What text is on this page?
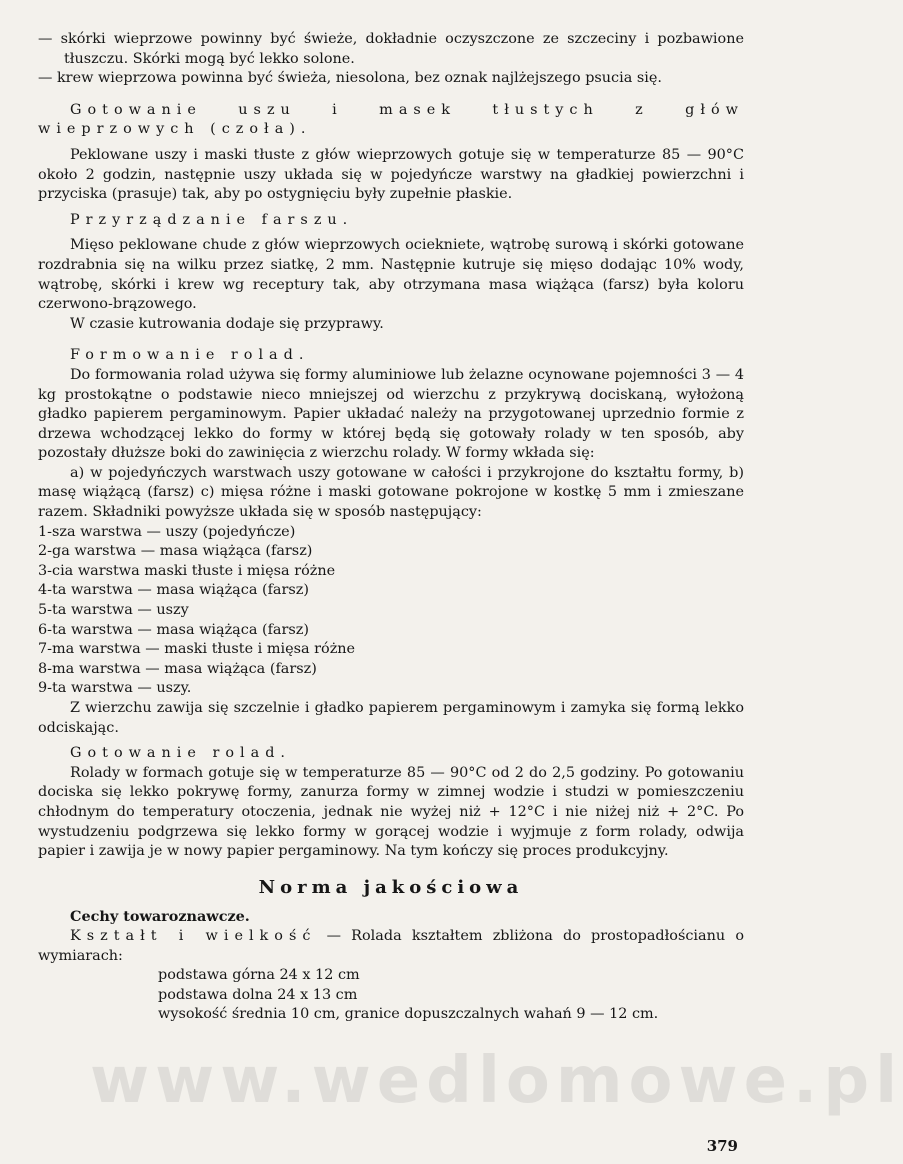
www.wedlomowe.pl

— skórki wieprzowe powinny być świeże, dokładnie oczyszczone ze szczeciny i pozbawione tłuszczu. Skórki mogą być lekko solone.

— krew wieprzowa powinna być świeża, niesolona, bez oznak najlżejszego psucia się.

Gotowanie uszu i masek tłustych z głów wieprzowych (czoła).

Peklowane uszy i maski tłuste z głów wieprzowych gotuje się w temperaturze 85 — 90°C około 2 godzin, następnie uszy układa się w pojedyńcze warstwy na gładkiej powierzchni i przyciska (prasuje) tak, aby po ostygnięciu były zupełnie płaskie.

Przyrządzanie farszu.

Mięso peklowane chude z głów wieprzowych ociekniete, wątrobę surową i skórki gotowane rozdrabnia się na wilku przez siatkę, 2 mm. Następnie kutruje się mięso dodając 10% wody, wątrobę, skórki i krew wg receptury tak, aby otrzymana masa wiążąca (farsz) była koloru czerwono-brązowego.

W czasie kutrowania dodaje się przyprawy.

Formowanie rolad.

Do formowania rolad używa się formy aluminiowe lub żelazne ocynowane pojemności 3 — 4 kg prostokątne o podstawie nieco mniejszej od wierzchu z przykrywą dociskaną, wyłożoną gładko papierem pergaminowym. Papier układać należy na przygotowanej uprzednio formie z drzewa wchodzącej lekko do formy w której będą się gotowały rolady w ten sposób, aby pozostały dłuższe boki do zawinięcia z wierzchu rolady. W formy wkłada się:

a) w pojedyńczych warstwach uszy gotowane w całości i przykrojone do kształtu formy, b) masę wiążącą (farsz) c) mięsa różne i maski gotowane pokrojone w kostkę 5 mm i zmieszane razem. Składniki powyższe układa się w sposób następujący:

1-sza warstwa — uszy (pojedyńcze)

2-ga warstwa — masa wiążąca (farsz)

3-cia warstwa maski tłuste i mięsa różne

4-ta warstwa — masa wiążąca (farsz)

5-ta warstwa — uszy

6-ta warstwa — masa wiążąca (farsz)

7-ma warstwa — maski tłuste i mięsa różne

8-ma warstwa — masa wiążąca (farsz)

9-ta warstwa — uszy.

Z wierzchu zawija się szczelnie i gładko papierem pergaminowym i zamyka się formą lekko odciskając.

Gotowanie rolad.

Rolady w formach gotuje się w temperaturze 85 — 90°C od 2 do 2,5 godziny. Po gotowaniu dociska się lekko pokrywę formy, zanurza formy w zimnej wodzie i studzi w pomieszczeniu chłodnym do temperatury otoczenia, jednak nie wyżej niż + 12°C i nie niżej niż + 2°C. Po wystudzeniu podgrzewa się lekko formy w gorącej wodzie i wyjmuje z form rolady, odwija papier i zawija je w nowy papier pergaminowy. Na tym kończy się proces produkcyjny.

Norma jakościowa

Cechy towaroznawcze.

Kształt i wielkość — Rolada kształtem zbliżona do prostopadłościanu o wymiarach:

podstawa górna 24 x 12 cm

podstawa dolna 24 x 13 cm

wysokość średnia 10 cm, granice dopuszczalnych wahań 9 — 12 cm.

379
